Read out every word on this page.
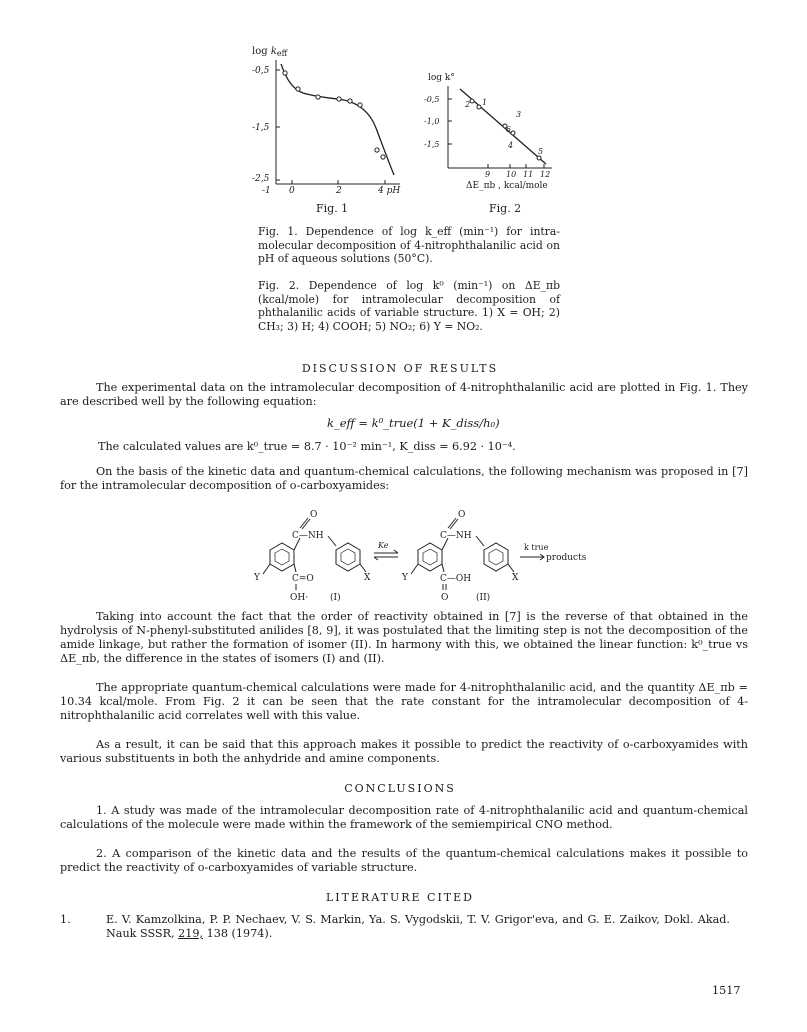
$\log k_{eff}$
-0,5
-1,5
-2,5
-1 0	2	4 pH
Fig. 1
log k°
-0,5
-1,0
-1,5
9 10 11 12
ΔE_πb , kcal/mole
2 1
3
6
4
5
Fig. 2
Fig. 1. Dependence of log k_eff (min⁻¹) for intra-molecular decomposition of 4-nitrophthalanilic acid on pH of aqueous solutions (50°C).
Fig. 2. Dependence of log k⁰ (min⁻¹) on ΔE_πb (kcal/mole) for intramolecular decomposition of phthalanilic acids of variable structure. 1) X = OH; 2) CH₃; 3) H; 4) COOH; 5) NO₂; 6) Y = NO₂.
DISCUSSION OF RESULTS
The experimental data on the intramolecular decomposition of 4-nitrophthalanilic acid are plotted in Fig. 1. They are described well by the following equation:
k_eff = k⁰_true(1 + K_diss/h₀)
The calculated values are k⁰_true = 8.7 · 10⁻² min⁻¹, K_diss = 6.92 · 10⁻⁴.
On the basis of the kinetic data and quantum-chemical calculations, the following mechanism was proposed in [7] for the intramolecular decomposition of o-carboxyamides:
O
C—NH
C=O
OH·
Y	X
(I)
Ke
O
C—NH
C—OH
O
Y	X
(II)
k true
products
Taking into account the fact that the order of reactivity obtained in [7] is the reverse of that obtained in the hydrolysis of N-phenyl-substituted anilides [8, 9], it was postulated that the limiting step is not the decomposition of the amide linkage, but rather the formation of isomer (II). In harmony with this, we obtained the linear function: k⁰_true vs ΔE_πb, the difference in the states of isomers (I) and (II).
The appropriate quantum-chemical calculations were made for 4-nitrophthalanilic acid, and the quantity ΔE_πb = 10.34 kcal/mole. From Fig. 2 it can be seen that the rate constant for the intramolecular decomposition of 4-nitrophthalanilic acid correlates well with this value.
As a result, it can be said that this approach makes it possible to predict the reactivity of o-carboxyamides with various substituents in both the anhydride and amine components.
CONCLUSIONS
1. A study was made of the intramolecular decomposition rate of 4-nitrophthalanilic acid and quantum-chemical calculations of the molecule were made within the framework of the semiempirical CNO method.
2. A comparison of the kinetic data and the results of the quantum-chemical calculations makes it possible to predict the reactivity of o-carboxyamides of variable structure.
LITERATURE CITED
1.	E. V. Kamzolkina, P. P. Nechaev, V. S. Markin, Ya. S. Vygodskii, T. V. Grigor'eva, and G. E. Zaikov, Dokl. Akad. Nauk SSSR, 219, 138 (1974).
1517
